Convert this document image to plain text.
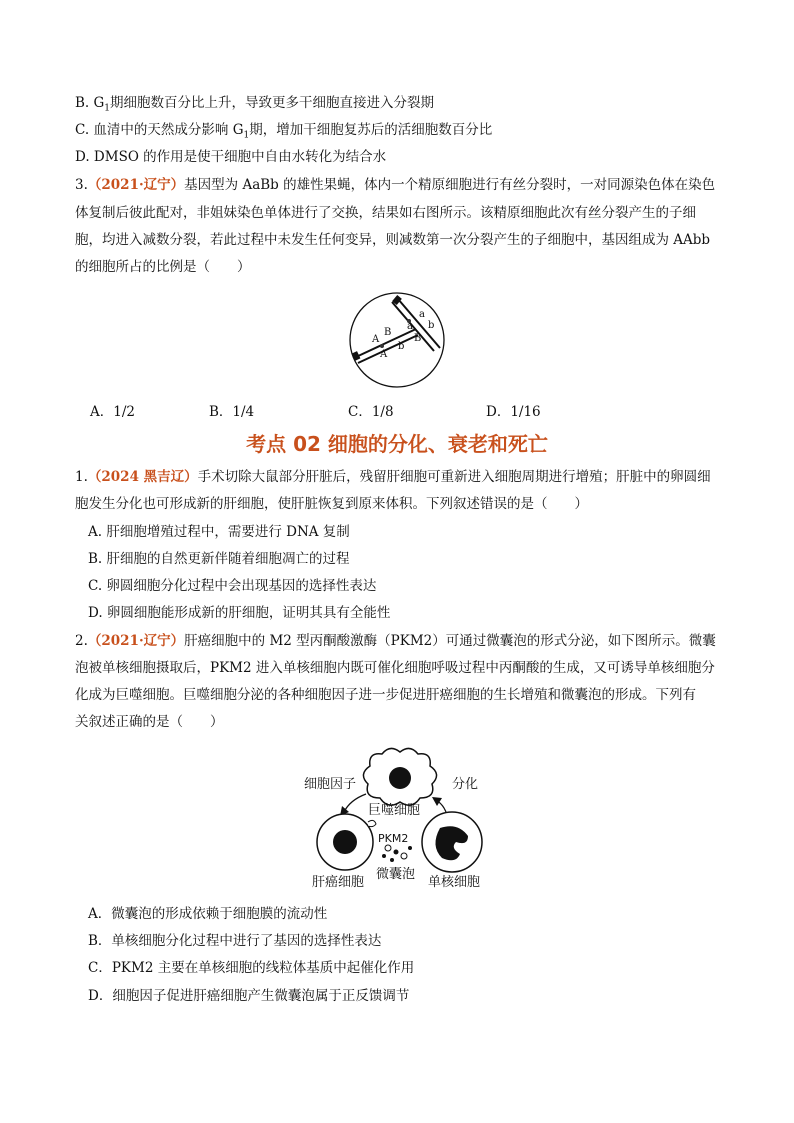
B. $G_1$期细胞数百分比上升，导致更多干细胞直接进入分裂期
C. 血清中的天然成分影响 $G_1$期，增加干细胞复苏后的活细胞数百分比
D. DMSO 的作用是使干细胞中自由水转化为结合水
3.（2021·辽宁）基因型为 AaBb 的雄性果蝇，体内一个精原细胞进行有丝分裂时，一对同源染色体在染色
体复制后彼此配对，非姐妹染色单体进行了交换，结果如右图所示。该精原细胞此次有丝分裂产生的子细
胞，均进入减数分裂，若此过程中未发生任何变异，则减数第一次分裂产生的子细胞中，基因组成为 AAbb
的细胞所占的比例是（　　）
A
B
A
b
a
B
a
b
A．1/2	B．1/4	C．1/8	D．1/16
考点 02 细胞的分化、衰老和死亡
1.（2024 黑吉辽）手术切除大鼠部分肝脏后，残留肝细胞可重新进入细胞周期进行增殖；肝脏中的卵圆细
胞发生分化也可形成新的肝细胞，使肝脏恢复到原来体积。下列叙述错误的是（　　）
A. 肝细胞增殖过程中，需要进行 DNA 复制
B. 肝细胞的自然更新伴随着细胞凋亡的过程
C. 卵圆细胞分化过程中会出现基因的选择性表达
D. 卵圆细胞能形成新的肝细胞，证明其具有全能性
2.（2021·辽宁）肝癌细胞中的 M2 型丙酮酸激酶（PKM2）可通过微囊泡的形式分泌，如下图所示。微囊
泡被单核细胞摄取后，PKM2 进入单核细胞内既可催化细胞呼吸过程中丙酮酸的生成，又可诱导单核细胞分
化成为巨噬细胞。巨噬细胞分泌的各种细胞因子进一步促进肝癌细胞的生长增殖和微囊泡的形成。下列有
关叙述正确的是（　　）
巨噬细胞
细胞因子	分化
PKM2
微囊泡
肝癌细胞	单核细胞
A．微囊泡的形成依赖于细胞膜的流动性
B．单核细胞分化过程中进行了基因的选择性表达
C．PKM2 主要在单核细胞的线粒体基质中起催化作用
D．细胞因子促进肝癌细胞产生微囊泡属于正反馈调节
